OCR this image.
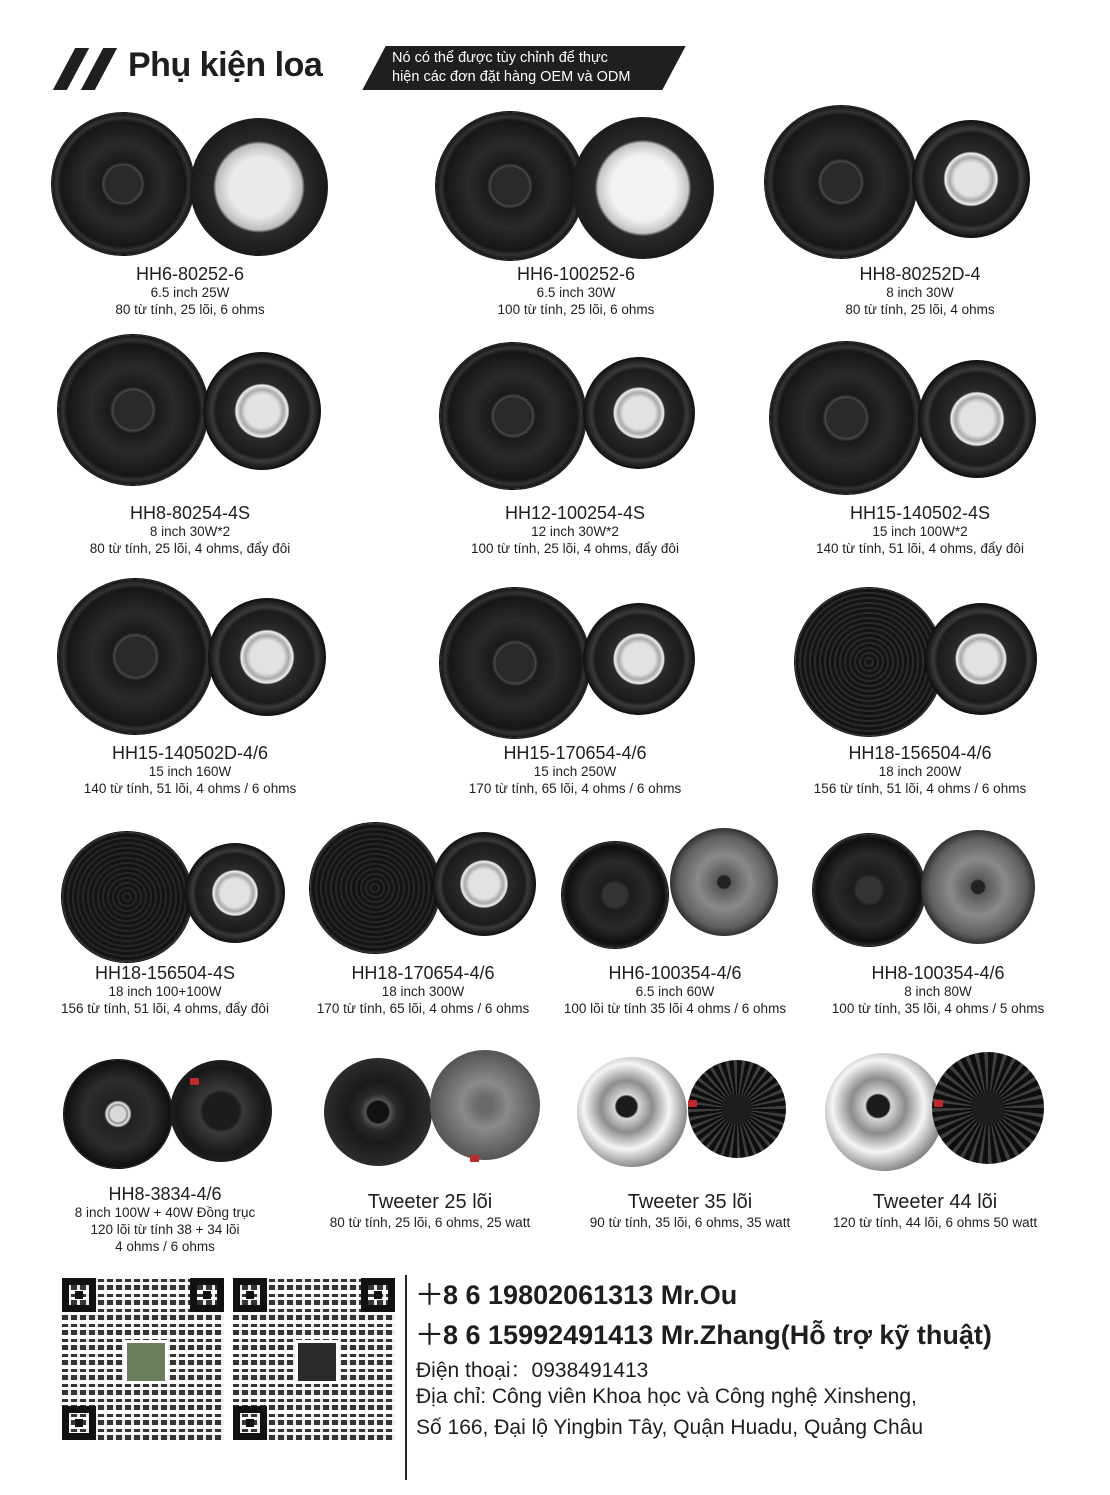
Phụ kiện loa	Nó có thể được tùy chỉnh để thực
hiện các đơn đặt hàng OEM và ODM
HH6-80252-6
6.5 inch 25W
80 từ tính, 25 lõi, 6 ohms
HH6-100252-6
6.5 inch 30W
100 từ tính, 25 lõi, 6 ohms
HH8-80252D-4
8 inch 30W
80 từ tính, 25 lõi, 4 ohms
HH8-80254-4S
8 inch 30W*2
80 từ tính, 25 lõi, 4 ohms, đẩy đôi
HH12-100254-4S
12 inch 30W*2
100 từ tính, 25 lõi, 4 ohms, đẩy đôi
HH15-140502-4S
15 inch 100W*2
140 từ tính, 51 lõi, 4 ohms, đẩy đôi
HH15-140502D-4/6
15 inch 160W
140 từ tính, 51 lõi, 4 ohms / 6 ohms
HH15-170654-4/6
15 inch 250W
170 từ tính, 65 lõi, 4 ohms / 6 ohms
HH18-156504-4/6
18 inch 200W
156 từ tính, 51 lõi, 4 ohms / 6 ohms
HH18-156504-4S
18 inch 100+100W
156 từ tính, 51 lõi, 4 ohms, đẩy đôi
HH18-170654-4/6
18 inch 300W
170 từ tính, 65 lõi, 4 ohms / 6 ohms
HH6-100354-4/6
6.5 inch 60W
100 lõi từ tính 35 lõi 4 ohms / 6 ohms
HH8-100354-4/6
8 inch 80W
100 từ tính, 35 lõi, 4 ohms / 5 ohms
HH8-3834-4/6
8 inch 100W + 40W Đồng trục
120 lõi từ tính 38 + 34 lõi
4 ohms / 6 ohms
Tweeter 25 lõi
80 từ tính, 25 lõi, 6 ohms, 25 watt
Tweeter 35 lõi
90 từ tính, 35 lõi, 6 ohms, 35 watt
Tweeter 44 lõi
120 từ tính, 44 lõi, 6 ohms 50 watt
＋8 6 19802061313 Mr.Ou
＋8 6 15992491413 Mr.Zhang(Hỗ trợ kỹ thuật)
Điện thoại：0938491413
Địa chỉ: Công viên Khoa học và Công nghệ Xinsheng,
Số 166, Đại lộ Yingbin Tây, Quận Huadu, Quảng Châu
